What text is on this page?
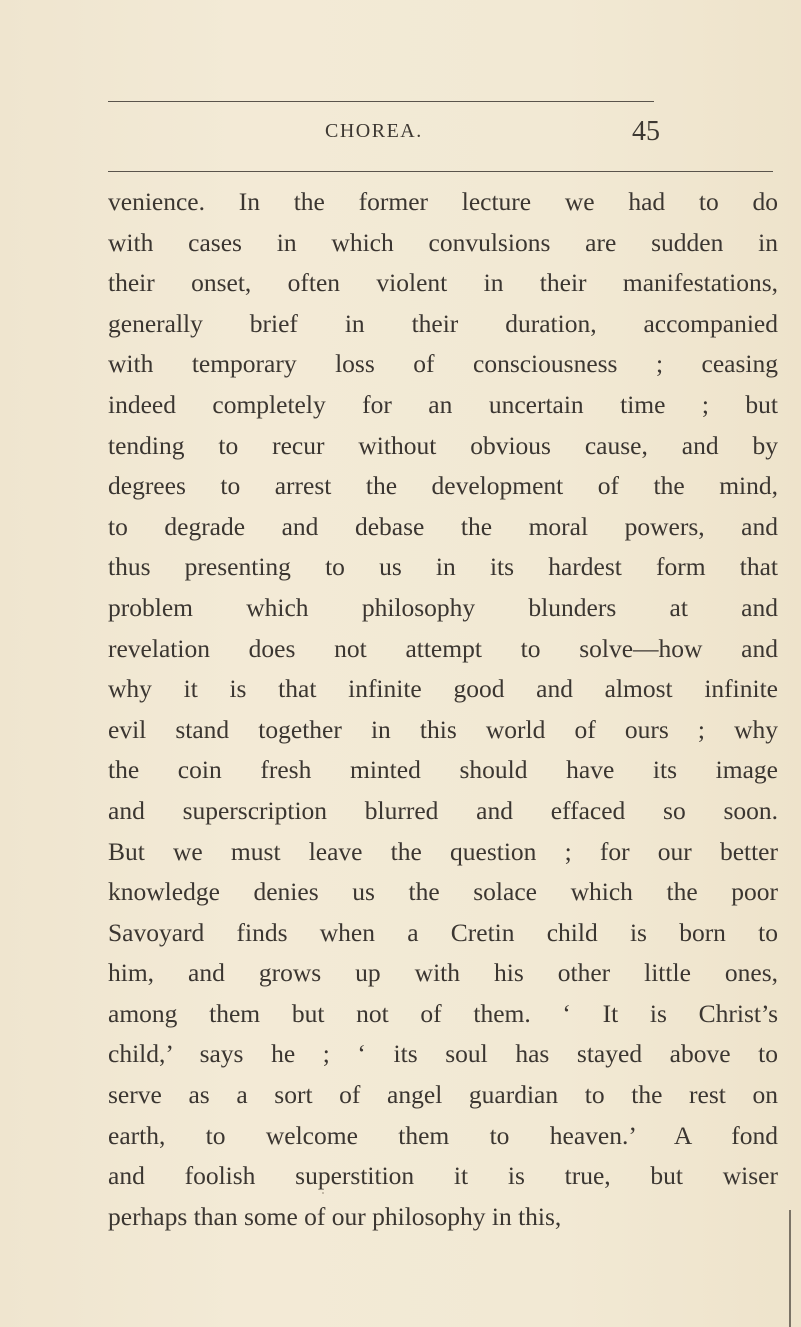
CHOREA.	45
venience. In the former lecture we had to do
with cases in which convulsions are sudden in
their onset, often violent in their manifestations,
generally brief in their duration, accompanied
with temporary loss of consciousness ; ceasing
indeed completely for an uncertain time ; but
tending to recur without obvious cause, and by
degrees to arrest the development of the mind,
to degrade and debase the moral powers, and
thus presenting to us in its hardest form that
problem which philosophy blunders at and
revelation does not attempt to solve—how and
why it is that infinite good and almost infinite
evil stand together in this world of ours ; why
the coin fresh minted should have its image
and superscription blurred and effaced so soon.
But we must leave the question ; for our better
knowledge denies us the solace which the poor
Savoyard finds when a Cretin child is born to
him, and grows up with his other little ones,
among them but not of them. ‘ It is Christ’s
child,’ says he ; ‘ its soul has stayed above to
serve as a sort of angel guardian to the rest on
earth, to welcome them to heaven.’ A fond
and foolish superstition it is true, but wiser
perhaps than some of our philosophy in this,
